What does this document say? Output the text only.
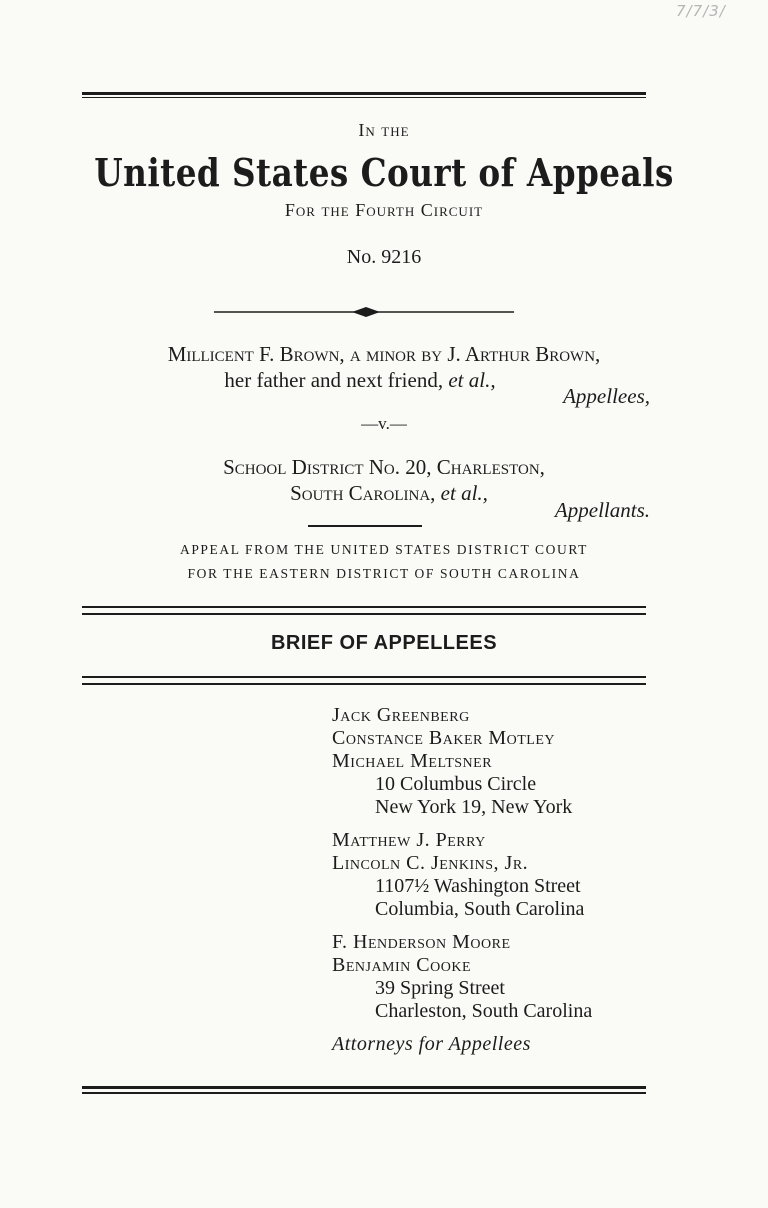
7/7/3/
In the
United States Court of Appeals
For the Fourth Circuit
No. 9216
Millicent F. Brown, a minor by J. Arthur Brown,
her father and next friend, et al.,
Appellees,
—v.—
School District No. 20, Charleston,
South Carolina, et al.,
Appellants.
APPEAL FROM THE UNITED STATES DISTRICT COURT
FOR THE EASTERN DISTRICT OF SOUTH CAROLINA
BRIEF OF APPELLEES
Jack Greenberg
Constance Baker Motley
Michael Meltsner
10 Columbus Circle
New York 19, New York
Matthew J. Perry
Lincoln C. Jenkins, Jr.
1107½ Washington Street
Columbia, South Carolina
F. Henderson Moore
Benjamin Cooke
39 Spring Street
Charleston, South Carolina
Attorneys for Appellees
